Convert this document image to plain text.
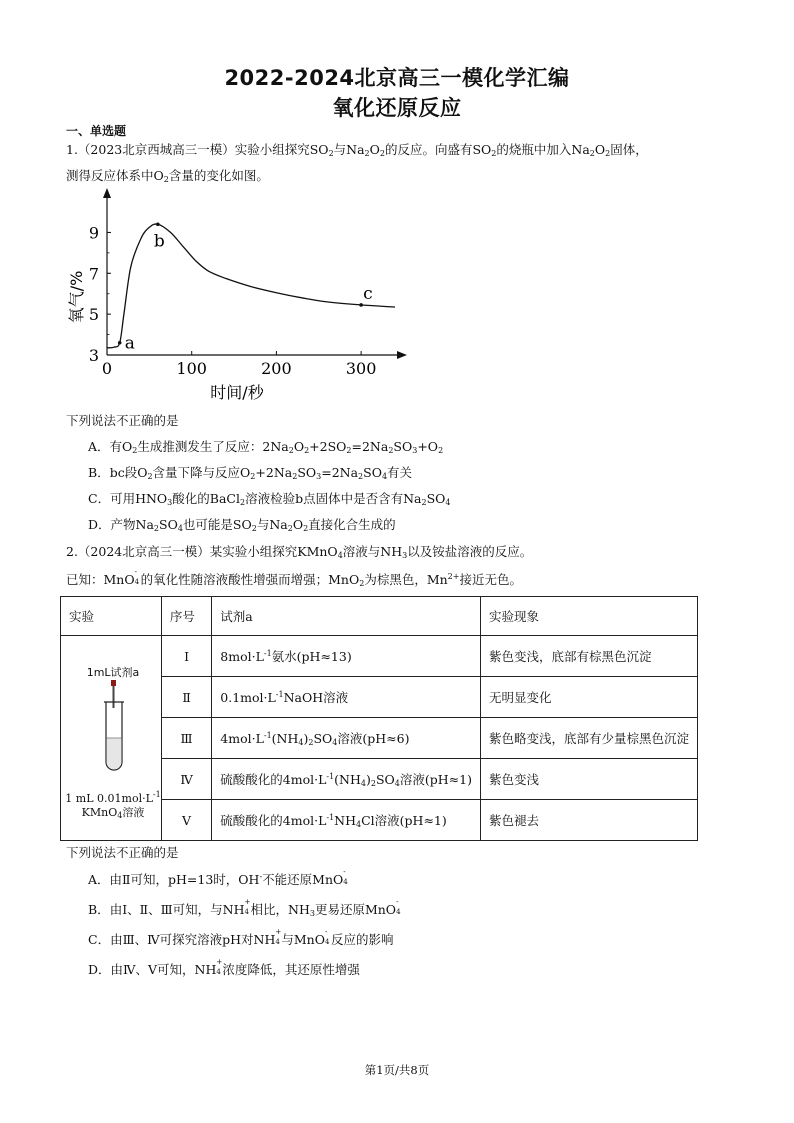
2022-2024北京高三一模化学汇编
氧化还原反应
一、单选题
1.（2023北京西城高三一模）实验小组探究$SO_2$与$Na_2O_2$的反应。向盛有$SO_2$的烧瓶中加入$Na_2O_2$固体，
测得反应体系中$O_2$含量的变化如图。
0	100	200	300
3
5
7
9
a
b
c
时间/秒
氧气/%
下列说法不正确的是
A．有$O_2$生成推测发生了反应：$2Na_2O_2+2SO_2=2Na_2SO_3+O_2$
B．bc段$O_2$含量下降与反应$O_2+2Na_2SO_3=2Na_2SO_4$有关
C．可用$HNO_3$酸化的BaCl$_2$溶液检验b点固体中是否含有$Na_2SO_4$
D．产物$Na_2SO_4$也可能是$SO_2$与$Na_2O_2$直接化合生成的
2.（2024北京高三一模）某实验小组探究KMnO$_4$溶液与$NH_3$以及铵盐溶液的反应。
已知：MnO -
4 的氧化性随溶液酸性增强而增强；MnO$_2$为棕黑色，$Mn^{2+}$接近无色。
实验	序号	试剂a	实验现象

1mL试剂a
1 mL $0.01mol\cdot L^{-1}$
KMnO$_4$溶液	Ⅰ	$8mol\cdot L^{-1}$氨水(pH≈13)	紫色变浅，底部有棕黑色沉淀
	Ⅱ	$0.1mol\cdot L^{-1}NaOH$溶液	无明显变化
	Ⅲ	$4mol\cdot L^{-1}(NH_4)_2SO_4$溶液(pH≈6)	紫色略变浅，底部有少量棕黑色沉淀
	Ⅳ	硫酸酸化的$4mol\cdot L^{-1}(NH_4)_2SO_4$溶液(pH≈1)	紫色变浅
	Ⅴ	硫酸酸化的$4mol\cdot L^{-1}NH_4Cl$溶液(pH≈1)	紫色褪去
下列说法不正确的是
A．由Ⅱ可知，pH=13时，OH-不能还原MnO -
4
B．由Ⅰ、Ⅱ、Ⅲ可知，与NH +
4 相比，$NH_3$更易还原MnO -
4
C．由Ⅲ、Ⅳ可探究溶液pH对NH +
4 与MnO -
4 反应的影响
D．由Ⅳ、Ⅴ可知，NH +
4 浓度降低，其还原性增强
第1页/共8页
